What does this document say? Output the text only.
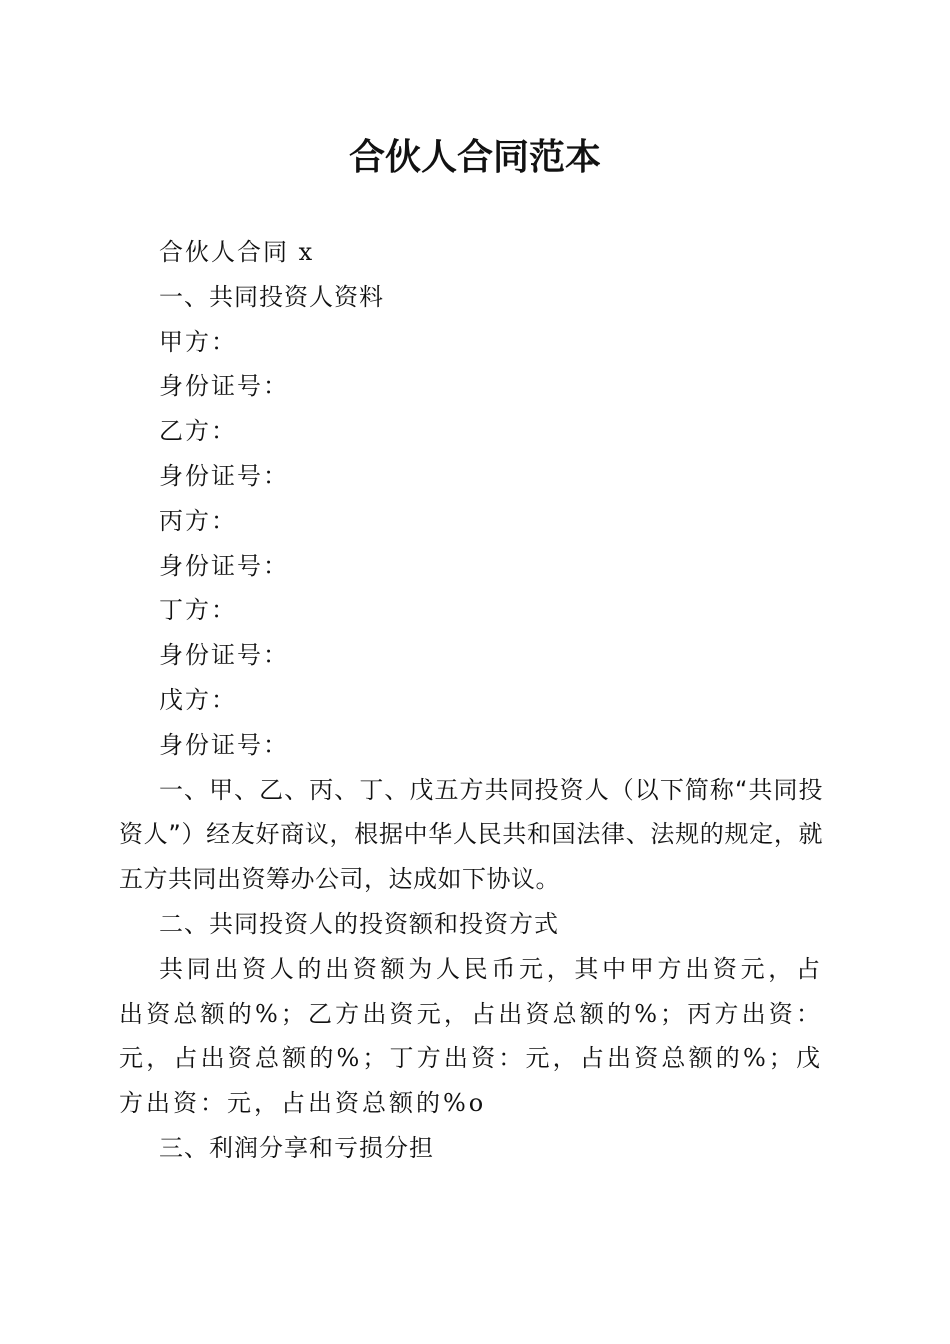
合伙人合同范本
合伙人合同 x
一、共同投资人资料
甲方：
身份证号：
乙方：
身份证号：
丙方：
身份证号：
丁方：
身份证号：
戊方：
身份证号：

一、甲、乙、丙、丁、戊五方共同投资人（以下简称“共同投资人”）经友好商议，根据中华人民共和国法律、法规的规定，就五方共同出资筹办公司，达成如下协议。

二、共同投资人的投资额和投资方式

共同出资人的出资额为人民币元，其中甲方出资元，占出资总额的%；乙方出资元，占出资总额的%；丙方出资：元，占出资总额的%；丁方出资：元，占出资总额的%；戊方出资：元，占出资总额的%o

三、利润分享和亏损分担
